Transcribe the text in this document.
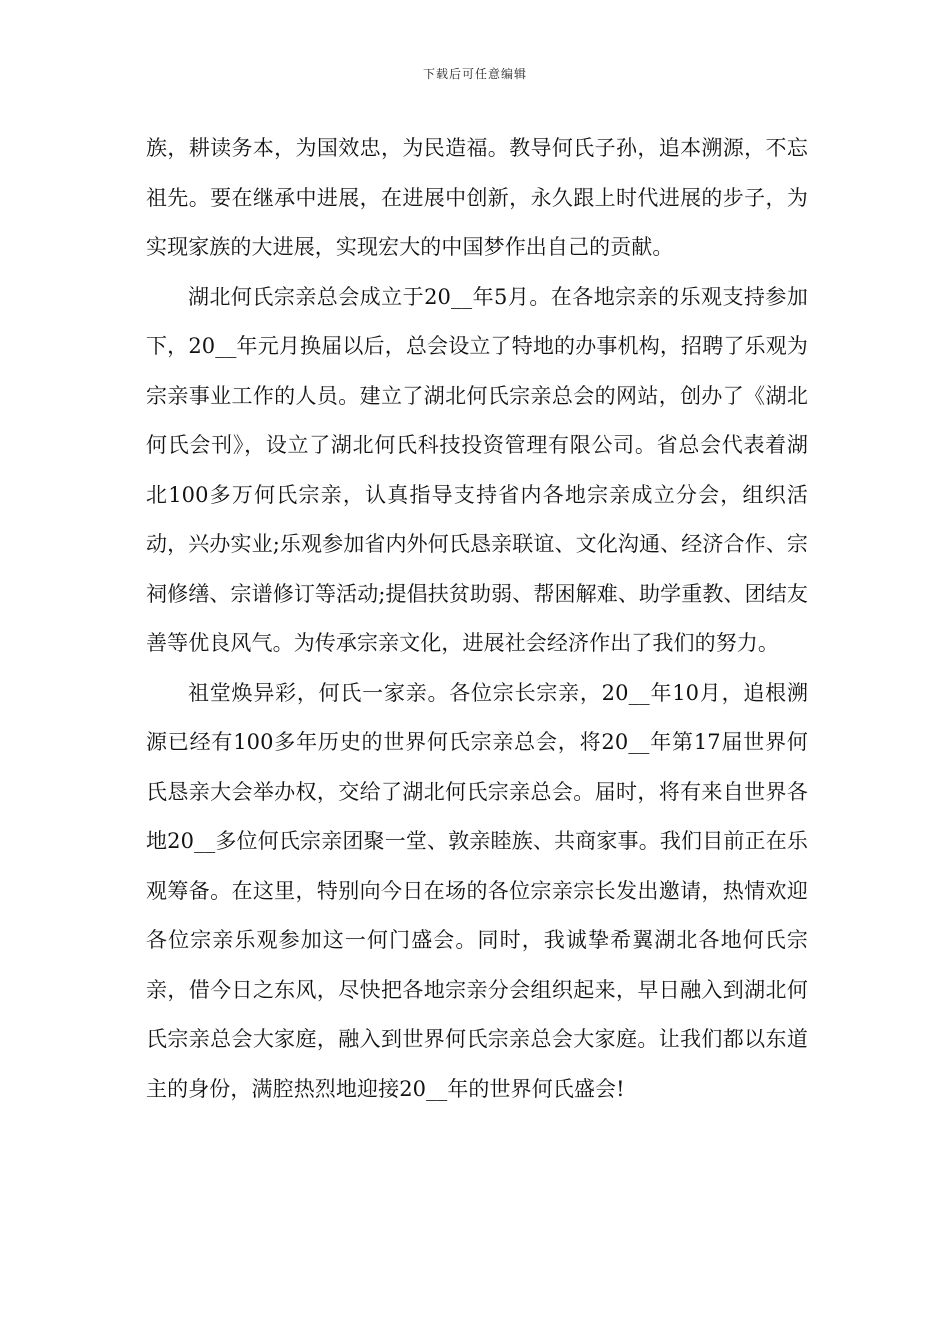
下载后可任意编辑

族，耕读务本，为国效忠，为民造福。教导何氏子孙，追本溯源，不忘祖先。要在继承中进展，在进展中创新，永久跟上时代进展的步子，为实现家族的大进展，实现宏大的中国梦作出自己的贡献。

湖北何氏宗亲总会成立于20__年5月。在各地宗亲的乐观支持参加下，20__年元月换届以后，总会设立了特地的办事机构，招聘了乐观为宗亲事业工作的人员。建立了湖北何氏宗亲总会的网站，创办了《湖北何氏会刊》，设立了湖北何氏科技投资管理有限公司。省总会代表着湖北100多万何氏宗亲，认真指导支持省内各地宗亲成立分会，组织活动，兴办实业;乐观参加省内外何氏恳亲联谊、文化沟通、经济合作、宗祠修缮、宗谱修订等活动;提倡扶贫助弱、帮困解难、助学重教、团结友善等优良风气。为传承宗亲文化，进展社会经济作出了我们的努力。

祖堂焕异彩，何氏一家亲。各位宗长宗亲，20__年10月，追根溯源已经有100多年历史的世界何氏宗亲总会，将20__年第17届世界何氏恳亲大会举办权，交给了湖北何氏宗亲总会。届时，将有来自世界各地20__多位何氏宗亲团聚一堂、敦亲睦族、共商家事。我们目前正在乐观筹备。在这里，特别向今日在场的各位宗亲宗长发出邀请，热情欢迎各位宗亲乐观参加这一何门盛会。同时，我诚挚希翼湖北各地何氏宗亲，借今日之东风，尽快把各地宗亲分会组织起来，早日融入到湖北何氏宗亲总会大家庭，融入到世界何氏宗亲总会大家庭。让我们都以东道主的身份，满腔热烈地迎接20__年的世界何氏盛会!
